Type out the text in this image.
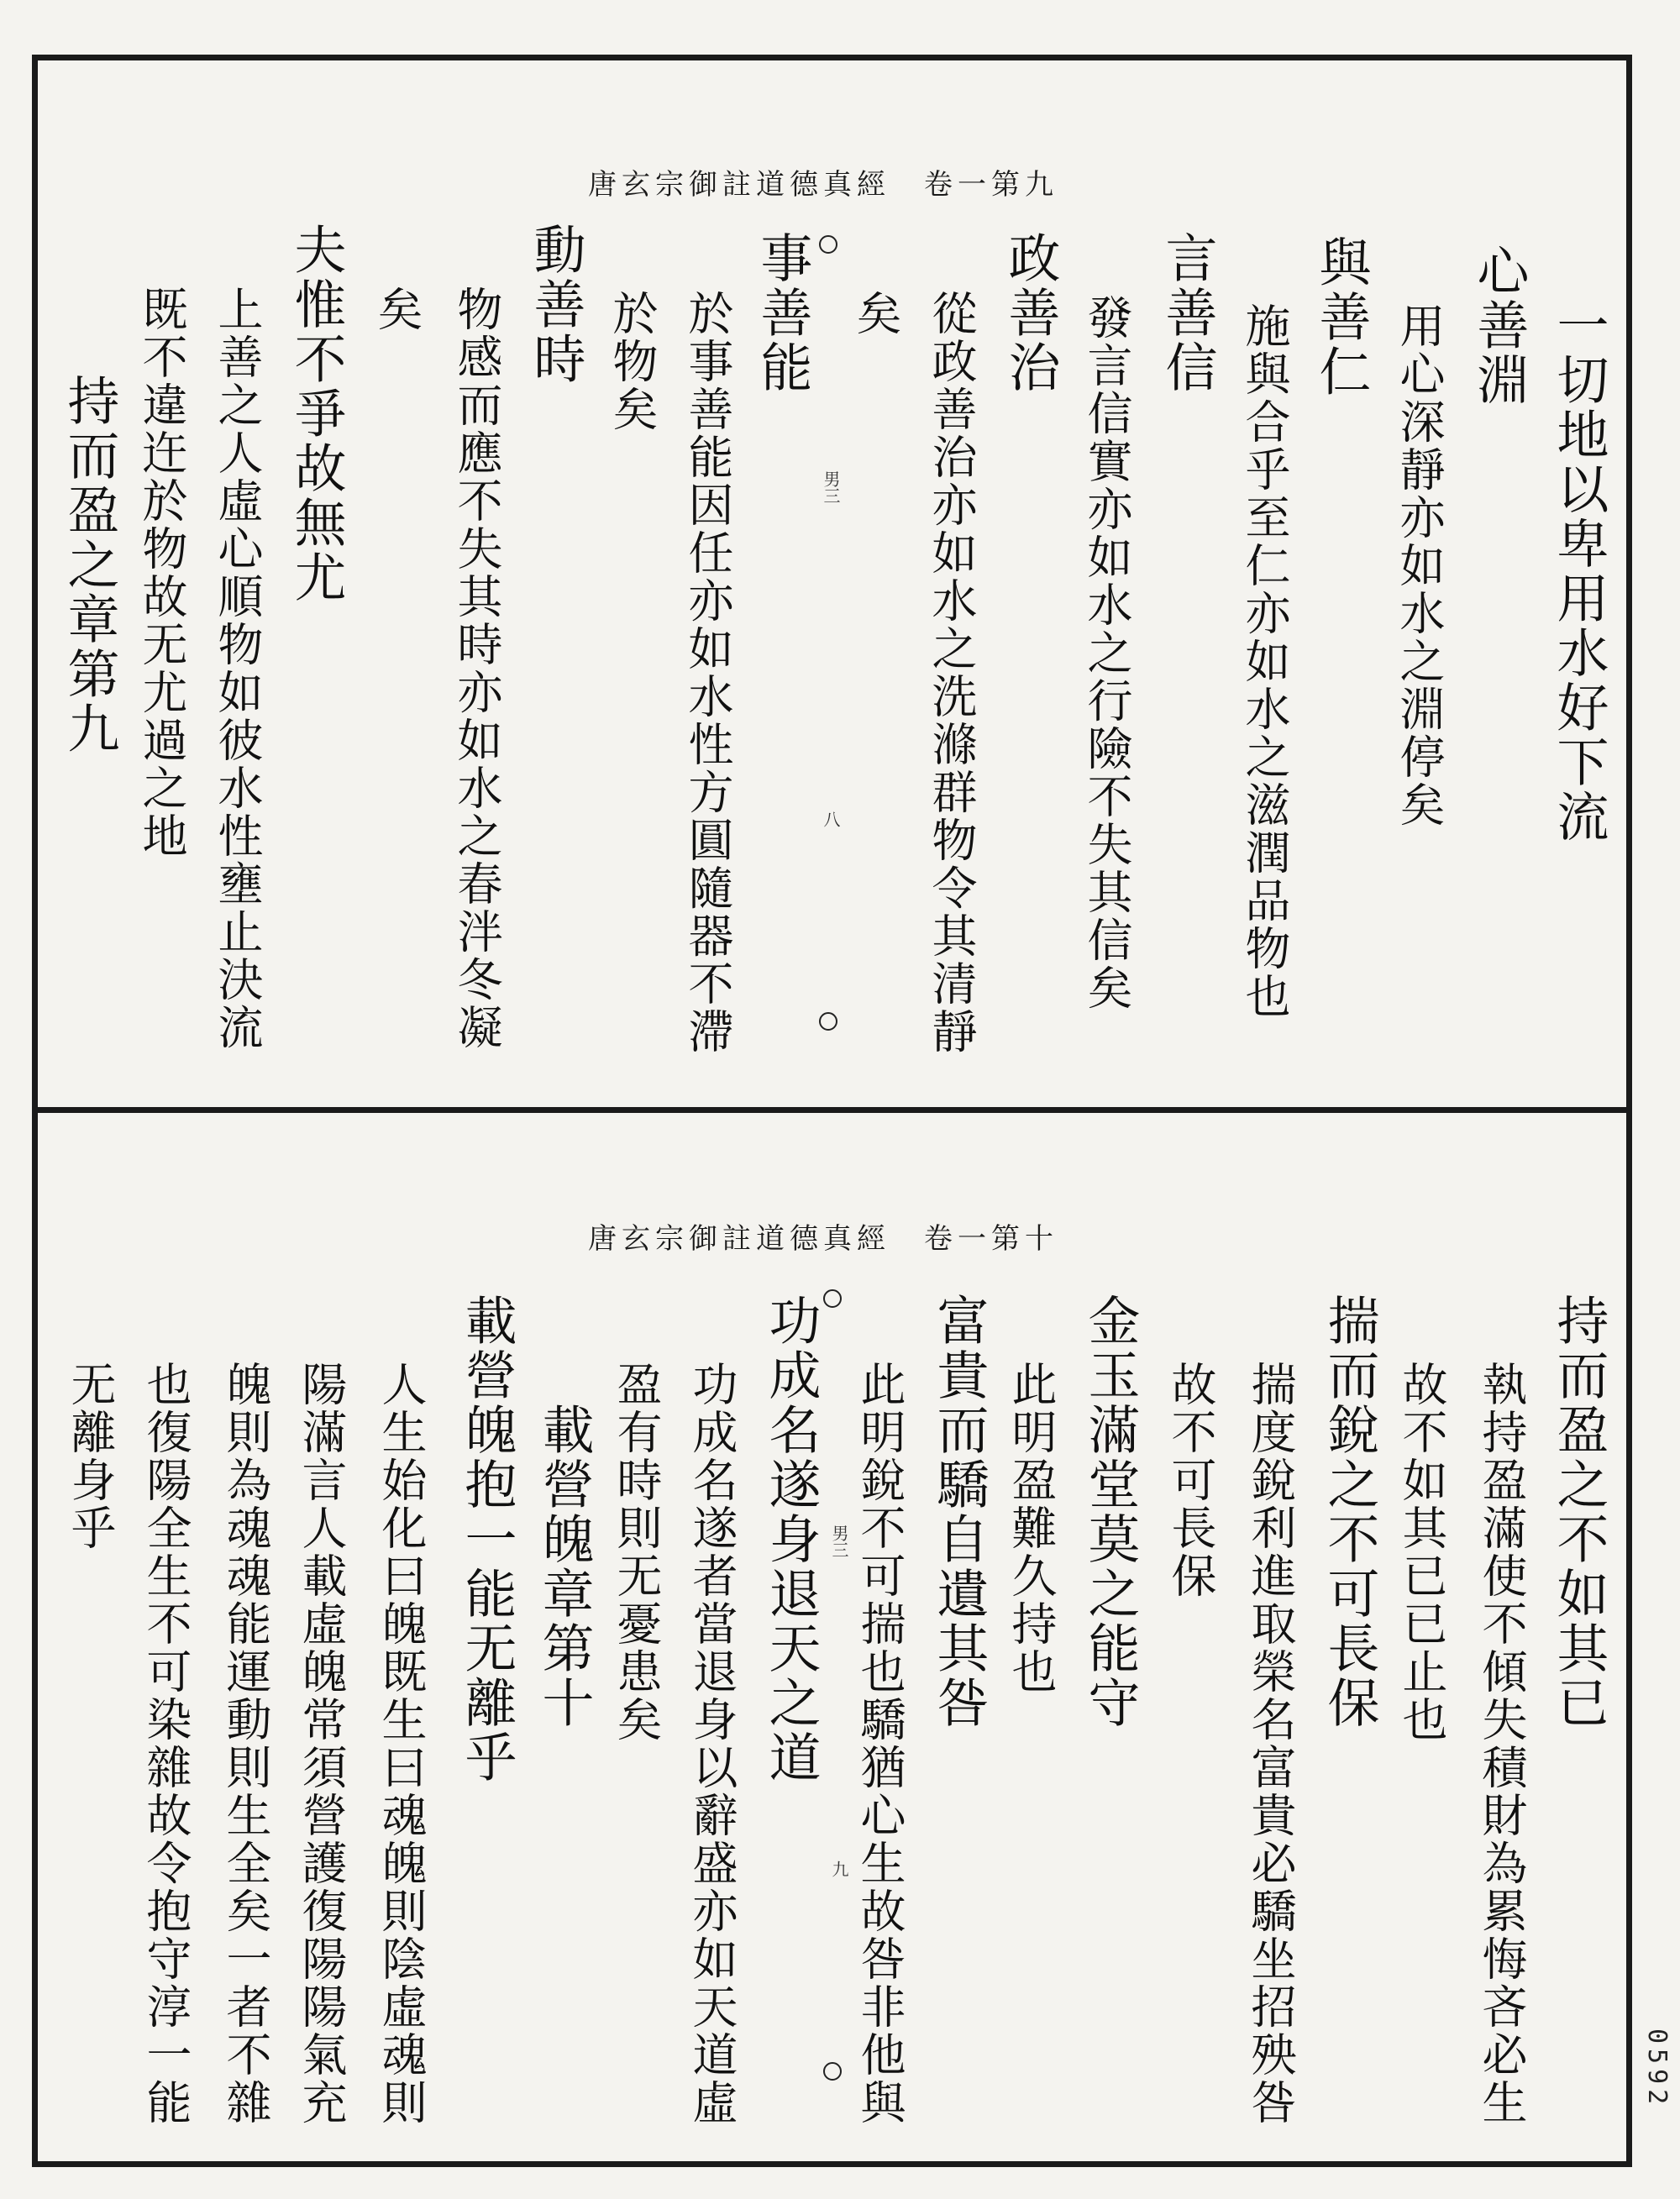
0592
唐玄宗御註道德真經 卷一第九
一切地以卑用水好下流
心善淵
用心深靜亦如水之淵停矣
與善仁
施與合乎至仁亦如水之滋潤品物也
言善信
發言信實亦如水之行險不失其信矣
政善治
從政善治亦如水之洗滌群物令其清靜
矣
事善能
於事善能因任亦如水性方圓隨器不滯
於物矣
動善時
物感而應不失其時亦如水之春泮冬凝
矣
夫惟不爭故無尤
上善之人虛心順物如彼水性壅止決流
既不違迕於物故无尤過之地
持而盈之章第九	男三
八
唐玄宗御註道德真經 卷一第十
持而盈之不如其已
執持盈滿使不傾失積財為累悔吝必生
故不如其已已止也
揣而銳之不可長保
揣度銳利進取榮名富貴必驕坐招殃咎
故不可長保
金玉滿堂莫之能守
此明盈難久持也
富貴而驕自遺其咎
此明銳不可揣也驕猶心生故咎非他與
功成名遂身退天之道
功成名遂者當退身以辭盛亦如天道虛
盈有時則无憂患矣
載營魄章第十
載營魄抱一能无離乎
人生始化曰魄既生曰魂魄則陰虛魂則
陽滿言人載虛魄常須營護復陽陽氣充
魄則為魂魂能運動則生全矣一者不雜
也復陽全生不可染雜故令抱守淳一能
无離身乎	男三
九
